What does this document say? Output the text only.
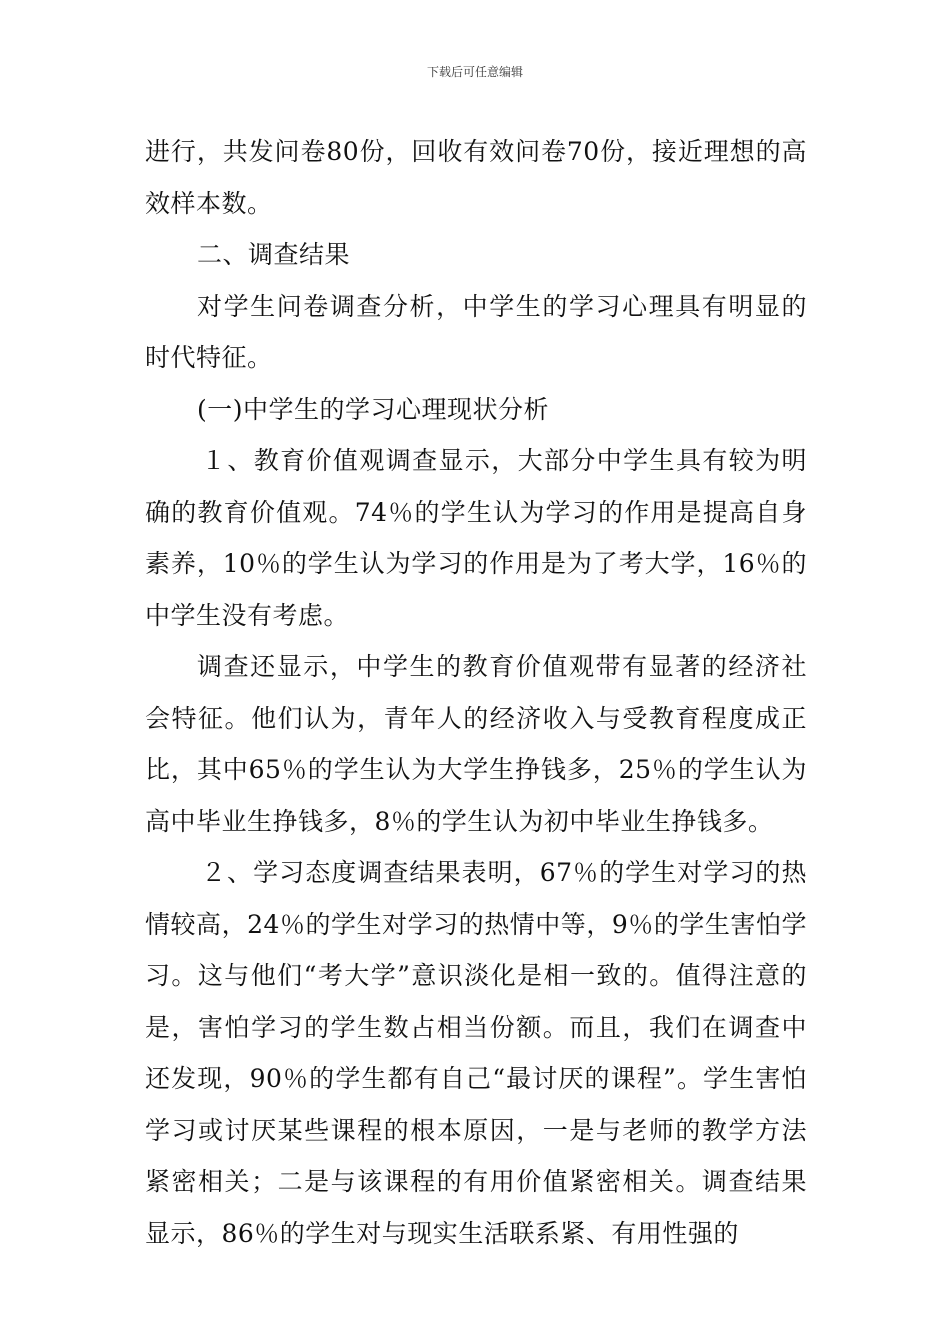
下载后可任意编辑

进行，共发问卷80份，回收有效问卷70份，接近理想的高效样本数。

二、调查结果

对学生问卷调查分析，中学生的学习心理具有明显的时代特征。

(一)中学生的学习心理现状分析

１、教育价值观调查显示，大部分中学生具有较为明确的教育价值观。74％的学生认为学习的作用是提高自身素养，10％的学生认为学习的作用是为了考大学，16％的中学生没有考虑。

调查还显示，中学生的教育价值观带有显著的经济社会特征。他们认为，青年人的经济收入与受教育程度成正比，其中65％的学生认为大学生挣钱多，25％的学生认为高中毕业生挣钱多，8％的学生认为初中毕业生挣钱多。

２、学习态度调查结果表明，67％的学生对学习的热情较高，24％的学生对学习的热情中等，9％的学生害怕学习。这与他们“考大学”意识淡化是相一致的。值得注意的是，害怕学习的学生数占相当份额。而且，我们在调查中还发现，90％的学生都有自己“最讨厌的课程”。学生害怕学习或讨厌某些课程的根本原因，一是与老师的教学方法紧密相关；二是与该课程的有用价值紧密相关。调查结果显示，86％的学生对与现实生活联系紧、有用性强的
